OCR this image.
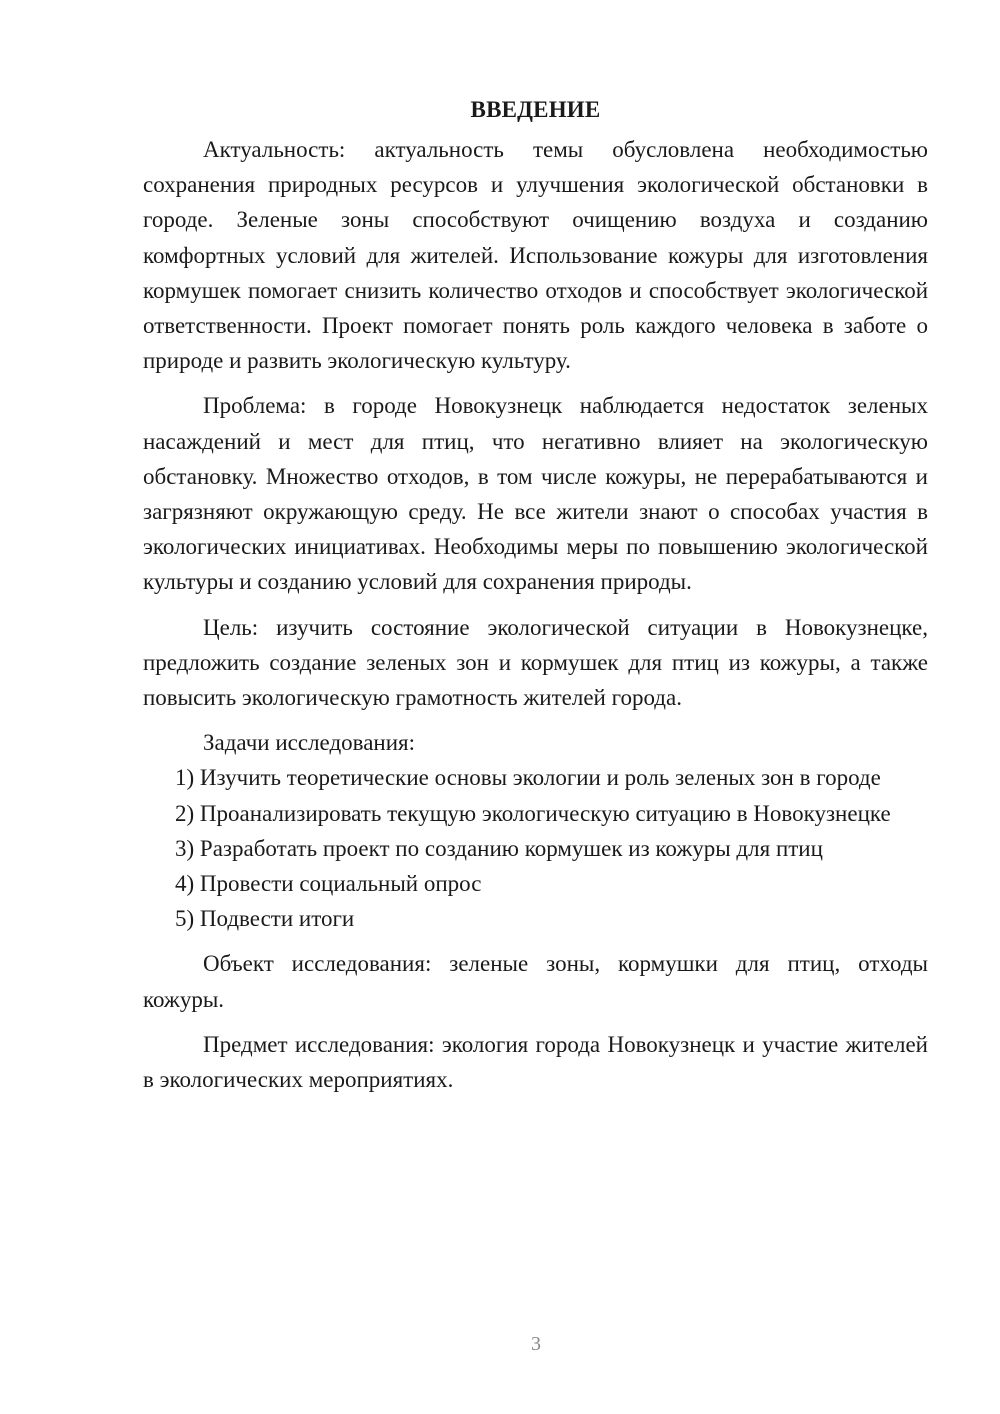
ВВЕДЕНИЕ

Актуальность: актуальность темы обусловлена необходимостью сохранения природных ресурсов и улучшения экологической обстановки в городе. Зеленые зоны способствуют очищению воздуха и созданию комфортных условий для жителей. Использование кожуры для изготовления кормушек помогает снизить количество отходов и способствует экологической ответственности. Проект помогает понять роль каждого человека в заботе о природе и развить экологическую культуру.

Проблема: в городе Новокузнецк наблюдается недостаток зеленых насаждений и мест для птиц, что негативно влияет на экологическую обстановку. Множество отходов, в том числе кожуры, не перерабатываются и загрязняют окружающую среду. Не все жители знают о способах участия в экологических инициативах. Необходимы меры по повышению экологической культуры и созданию условий для сохранения природы.

Цель: изучить состояние экологической ситуации в Новокузнецке, предложить создание зеленых зон и кормушек для птиц из кожуры, а также повысить экологическую грамотность жителей города.

Задачи исследования:

1) Изучить теоретические основы экологии и роль зеленых зон в городе

2) Проанализировать текущую экологическую ситуацию в Новокузнецке

3) Разработать проект по созданию кормушек из кожуры для птиц

4) Провести социальный опрос

5) Подвести итоги

Объект исследования: зеленые зоны, кормушки для птиц, отходы кожуры.

Предмет исследования: экология города Новокузнецк и участие жителей в экологических мероприятиях.

3
